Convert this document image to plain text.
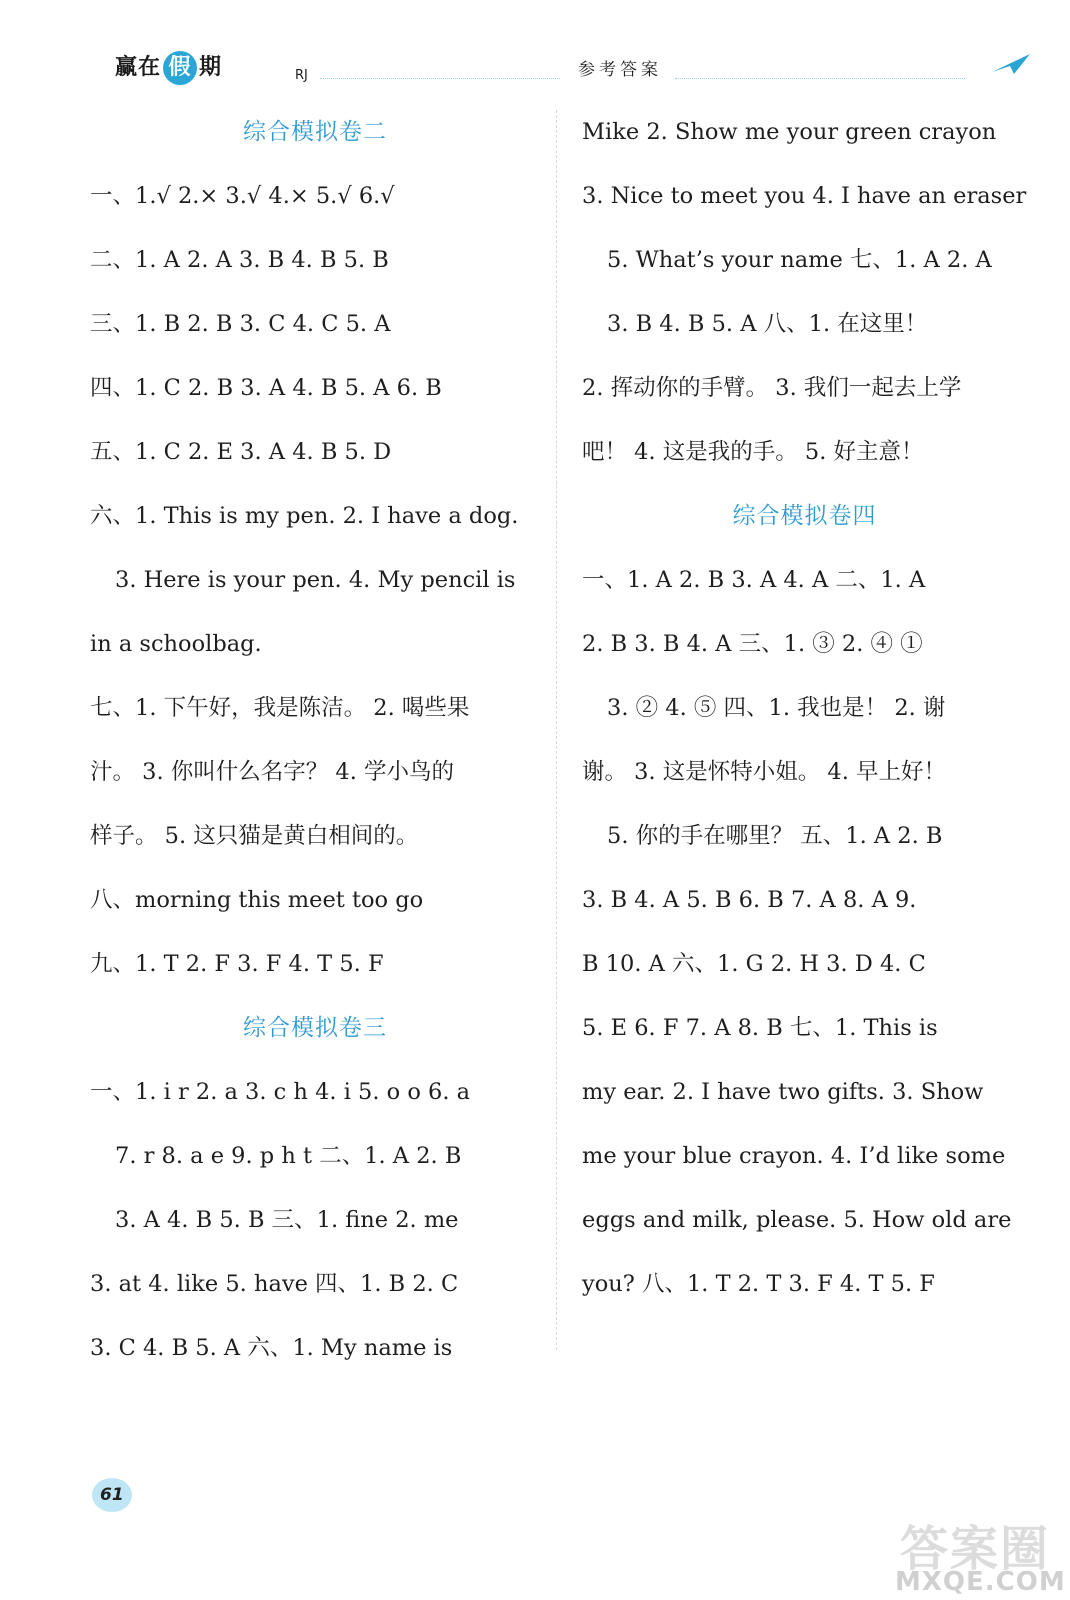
赢在 假 期	RJ	参考答案
综合模拟卷二
一、1.√ 2.× 3.√ 4.× 5.√ 6.√
二、1. A 2. A 3. B 4. B 5. B
三、1. B 2. B 3. C 4. C 5. A
四、1. C 2. B 3. A 4. B 5. A 6. B
五、1. C 2. E 3. A 4. B 5. D
六、1. This is my pen. 2. I have a dog.
3. Here is your pen. 4. My pencil is
in a schoolbag.
七、1. 下午好，我是陈洁。 2. 喝些果
汁。 3. 你叫什么名字？ 4. 学小鸟的
样子。 5. 这只猫是黄白相间的。
八、morning this meet too go
九、1. T 2. F 3. F 4. T 5. F
综合模拟卷三
一、1. i r 2. a 3. c h 4. i 5. o o 6. a
7. r 8. a e 9. p h t 二、1. A 2. B
3. A 4. B 5. B 三、1. fine 2. me
3. at 4. like 5. have 四、1. B 2. C
3. C 4. B 5. A 六、1. My name is
Mike 2. Show me your green crayon
3. Nice to meet you 4. I have an eraser
5. What’s your name 七、1. A 2. A
3. B 4. B 5. A 八、1. 在这里！
2. 挥动你的手臂。 3. 我们一起去上学
吧！ 4. 这是我的手。 5. 好主意！
综合模拟卷四
一、1. A 2. B 3. A 4. A 二、1. A
2. B 3. B 4. A 三、1. ③ 2. ④ ①
3. ② 4. ⑤ 四、1. 我也是！ 2. 谢
谢。 3. 这是怀特小姐。 4. 早上好！
5. 你的手在哪里？ 五、1. A 2. B
3. B 4. A 5. B 6. B 7. A 8. A 9.
B 10. A 六、1. G 2. H 3. D 4. C
5. E 6. F 7. A 8. B 七、1. This is
my ear. 2. I have two gifts. 3. Show
me your blue crayon. 4. I’d like some
eggs and milk, please. 5. How old are
you? 八、1. T 2. T 3. F 4. T 5. F
61
答案圈
MXQE.COM
